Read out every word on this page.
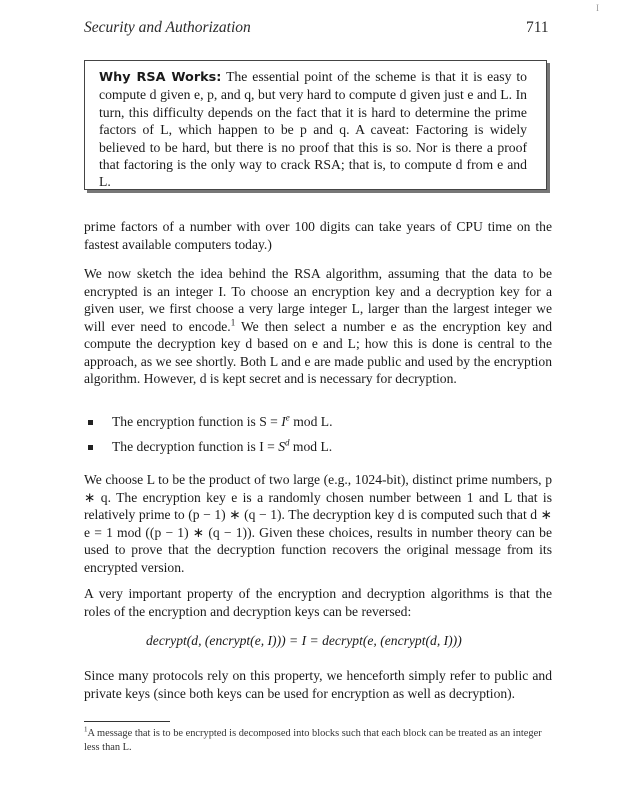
Security and Authorization	711
I
Why RSA Works: The essential point of the scheme is that it is easy to compute d given e, p, and q, but very hard to compute d given just e and L. In turn, this difficulty depends on the fact that it is hard to determine the prime factors of L, which happen to be p and q. A caveat: Factoring is widely believed to be hard, but there is no proof that this is so. Nor is there a proof that factoring is the only way to crack RSA; that is, to compute d from e and L.
prime factors of a number with over 100 digits can take years of CPU time on the fastest available computers today.)
We now sketch the idea behind the RSA algorithm, assuming that the data to be encrypted is an integer I. To choose an encryption key and a decryption key for a given user, we first choose a very large integer L, larger than the largest integer we will ever need to encode.$^1$ We then select a number e as the encryption key and compute the decryption key d based on e and L; how this is done is central to the approach, as we see shortly. Both L and e are made public and used by the encryption algorithm. However, d is kept secret and is necessary for decryption.
The encryption function is $S = I^e$ mod L.
The decryption function is $I = S^d$ mod L.
We choose L to be the product of two large (e.g., 1024-bit), distinct prime numbers, p ∗ q. The encryption key e is a randomly chosen number between 1 and L that is relatively prime to (p − 1) ∗ (q − 1). The decryption key d is computed such that d ∗ e = 1 mod ((p − 1) ∗ (q − 1)). Given these choices, results in number theory can be used to prove that the decryption function recovers the original message from its encrypted version.
A very important property of the encryption and decryption algorithms is that the roles of the encryption and decryption keys can be reversed:
decrypt(d, (encrypt(e, I))) = I = decrypt(e, (encrypt(d, I)))
Since many protocols rely on this property, we henceforth simply refer to public and private keys (since both keys can be used for encryption as well as decryption).
$^1$A message that is to be encrypted is decomposed into blocks such that each block can be treated as an integer less than L.
